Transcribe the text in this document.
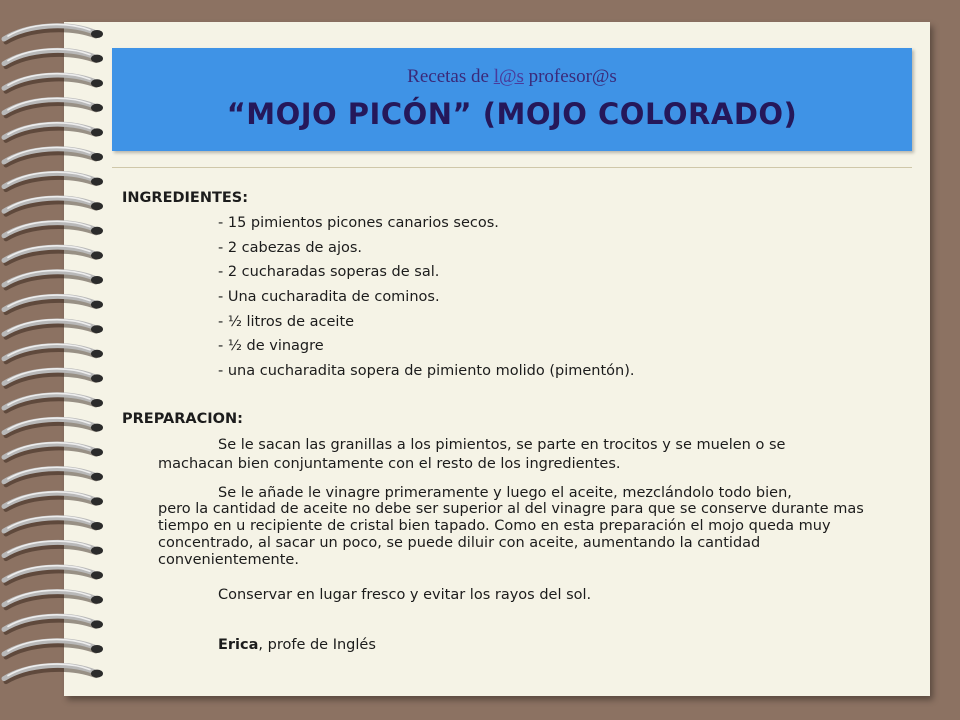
Recetas de l@s profesor@s
“MOJO PICÓN” (MOJO COLORADO)
INGREDIENTES:
- 15 pimientos picones canarios secos.
- 2 cabezas de ajos.
- 2 cucharadas soperas de sal.
- Una cucharadita de cominos.
- ½ litros de aceite
- ½ de vinagre
- una cucharadita sopera de pimiento molido (pimentón).
PREPARACION:
Se le sacan las granillas a los pimientos, se parte en trocitos y se muelen o se
machacan bien conjuntamente con el resto de los ingredientes.
Se le añade le vinagre primeramente y luego el aceite, mezclándolo todo bien,
pero la cantidad de aceite no debe ser superior al del vinagre para que se conserve durante mas tiempo en u recipiente de cristal bien tapado. Como en esta preparación el mojo queda muy concentrado, al sacar un poco, se puede diluir con aceite, aumentando la cantidad convenientemente.
Conservar en lugar fresco y evitar los rayos del sol.
Erica, profe de Inglés
